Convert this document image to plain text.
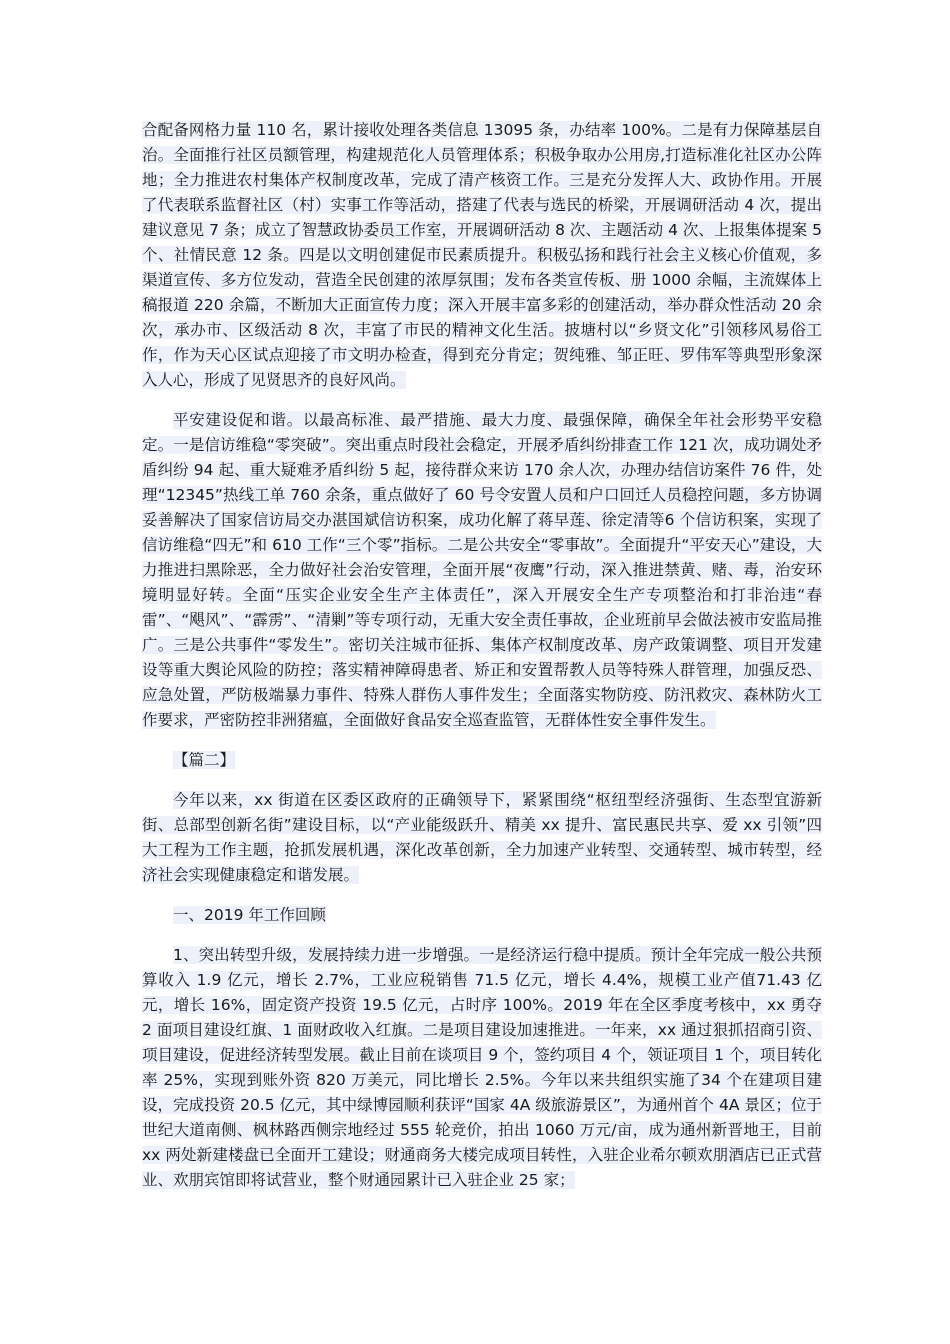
合配备网格力量 110 名，累计接收处理各类信息 13095 条，办结率 100%。二是有力保障基层自治。全面推行社区员额管理，构建规范化人员管理体系；积极争取办公用房,打造标准化社区办公阵地；全力推进农村集体产权制度改革，完成了清产核资工作。三是充分发挥人大、政协作用。开展了代表联系监督社区（村）实事工作等活动，搭建了代表与选民的桥梁，开展调研活动 4 次，提出建议意见 7 条；成立了智慧政协委员工作室，开展调研活动 8 次、主题活动 4 次、上报集体提案 5 个、社情民意 12 条。四是以文明创建促市民素质提升。积极弘扬和践行社会主义核心价值观，多渠道宣传、多方位发动，营造全民创建的浓厚氛围；发布各类宣传板、册 1000 余幅，主流媒体上稿报道 220 余篇，不断加大正面宣传力度；深入开展丰富多彩的创建活动，举办群众性活动 20 余次，承办市、区级活动 8 次，丰富了市民的精神文化生活。披塘村以“乡贤文化”引领移风易俗工作，作为天心区试点迎接了市文明办检查，得到充分肯定；贺纯雅、邹正旺、罗伟军等典型形象深入人心，形成了见贤思齐的良好风尚。

平安建设促和谐。以最高标准、最严措施、最大力度、最强保障，确保全年社会形势平安稳定。一是信访维稳“零突破”。突出重点时段社会稳定，开展矛盾纠纷排查工作 121 次，成功调处矛盾纠纷 94 起、重大疑难矛盾纠纷 5 起，接待群众来访 170 余人次，办理办结信访案件 76 件，处理“12345”热线工单 760 余条，重点做好了 60 号令安置人员和户口回迁人员稳控问题，多方协调妥善解决了国家信访局交办湛国斌信访积案，成功化解了蒋早莲、徐定清等6 个信访积案，实现了信访维稳“四无”和 610 工作“三个零”指标。二是公共安全“零事故”。全面提升“平安天心”建设，大力推进扫黑除恶，全力做好社会治安管理，全面开展“夜鹰”行动，深入推进禁黄、赌、毒，治安环境明显好转。全面“压实企业安全生产主体责任”，深入开展安全生产专项整治和打非治违“春雷”、“飓风”、“霹雳”、“清剿”等专项行动，无重大安全责任事故，企业班前早会做法被市安监局推广。三是公共事件“零发生”。密切关注城市征拆、集体产权制度改革、房产政策调整、项目开发建设等重大舆论风险的防控；落实精神障碍患者、矫正和安置帮教人员等特殊人群管理，加强反恐、应急处置，严防极端暴力事件、特殊人群伤人事件发生；全面落实物防疫、防汛救灾、森林防火工作要求，严密防控非洲猪瘟，全面做好食品安全巡查监管，无群体性安全事件发生。

【篇二】

今年以来，xx 街道在区委区政府的正确领导下，紧紧围绕“枢纽型经济强街、生态型宜游新街、总部型创新名街”建设目标，以“产业能级跃升、精美 xx 提升、富民惠民共享、爱 xx 引领”四大工程为工作主题，抢抓发展机遇，深化改革创新，全力加速产业转型、交通转型、城市转型，经济社会实现健康稳定和谐发展。

一、2019 年工作回顾

1、突出转型升级，发展持续力进一步增强。一是经济运行稳中提质。预计全年完成一般公共预算收入 1.9 亿元，增长 2.7%，工业应税销售 71.5 亿元，增长 4.4%，规模工业产值71.43 亿元，增长 16%，固定资产投资 19.5 亿元，占时序 100%。2019 年在全区季度考核中，xx 勇夺 2 面项目建设红旗、1 面财政收入红旗。二是项目建设加速推进。一年来，xx 通过狠抓招商引资、项目建设，促进经济转型发展。截止目前在谈项目 9 个，签约项目 4 个，领证项目 1 个，项目转化率 25%，实现到账外资 820 万美元，同比增长 2.5%。今年以来共组织实施了34 个在建项目建设，完成投资 20.5 亿元，其中绿博园顺利获评“国家 4A 级旅游景区”，为通州首个 4A 景区；位于世纪大道南侧、枫林路西侧宗地经过 555 轮竞价，拍出 1060 万元/亩，成为通州新晋地王，目前 xx 两处新建楼盘已全面开工建设；财通商务大楼完成项目转性，入驻企业希尔顿欢朋酒店已正式营业、欢朋宾馆即将试营业，整个财通园累计已入驻企业 25 家；
